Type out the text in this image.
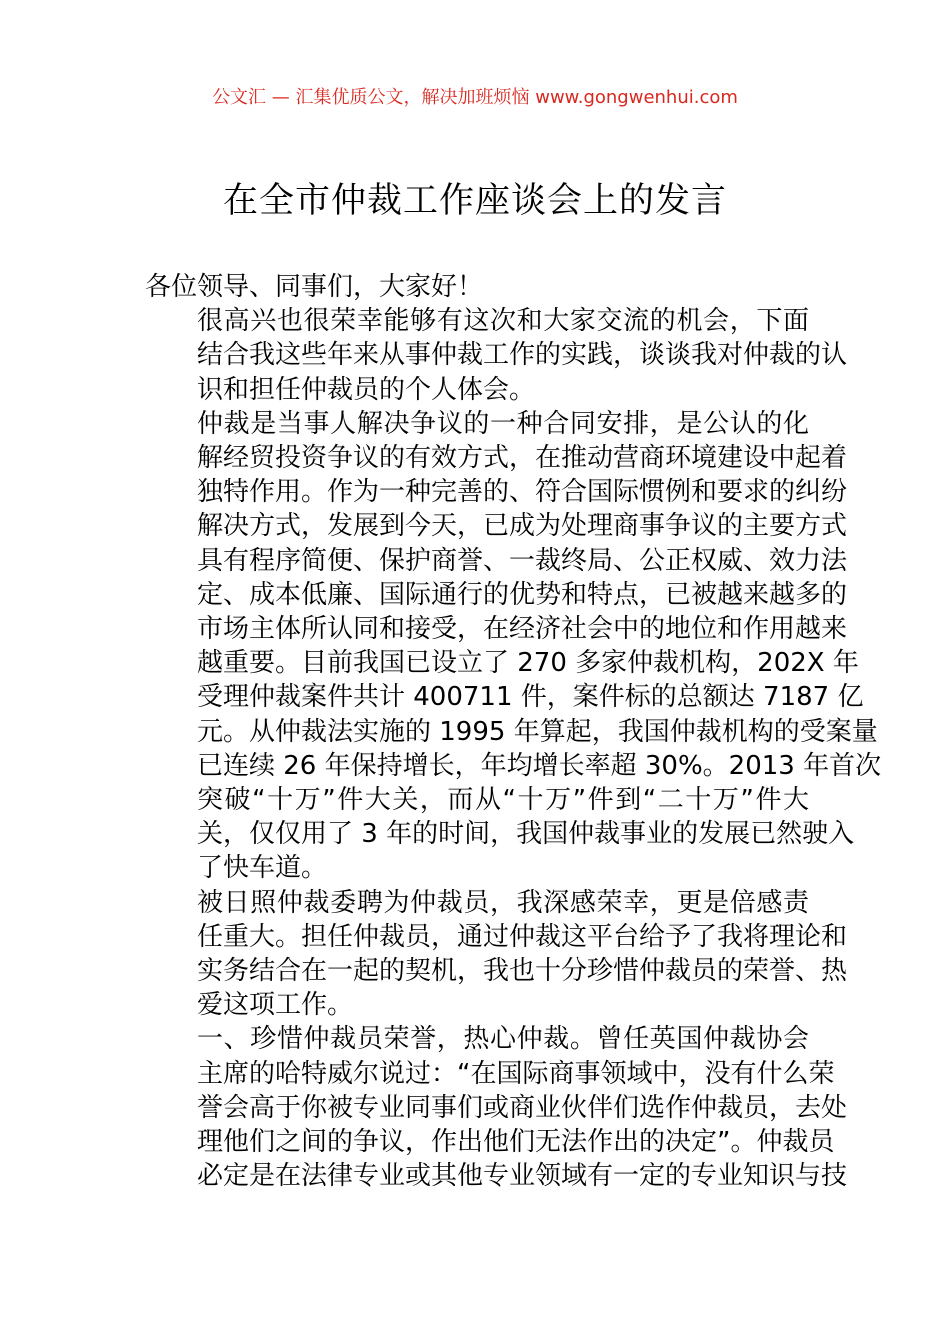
公文汇 — 汇集优质公文，解决加班烦恼 www.gongwenhui.com
在全市仲裁工作座谈会上的发言

各位领导、同事们，大家好！

很高兴也很荣幸能够有这次和大家交流的机会，下面
结合我这些年来从事仲裁工作的实践，谈谈我对仲裁的认
识和担任仲裁员的个人体会。

仲裁是当事人解决争议的一种合同安排，是公认的化
解经贸投资争议的有效方式，在推动营商环境建设中起着
独特作用。作为一种完善的、符合国际惯例和要求的纠纷
解决方式，发展到今天，已成为处理商事争议的主要方式
具有程序简便、保护商誉、一裁终局、公正权威、效力法
定、成本低廉、国际通行的优势和特点，已被越来越多的
市场主体所认同和接受，在经济社会中的地位和作用越来
越重要。目前我国已设立了 270 多家仲裁机构，202X 年
受理仲裁案件共计 400711 件，案件标的总额达 7187 亿
元。从仲裁法实施的 1995 年算起，我国仲裁机构的受案量
已连续 26 年保持增长，年均增长率超 30%。2013 年首次
突破“十万”件大关，而从“十万”件到“二十万”件大
关，仅仅用了 3 年的时间，我国仲裁事业的发展已然驶入
了快车道。

被日照仲裁委聘为仲裁员，我深感荣幸，更是倍感责
任重大。担任仲裁员，通过仲裁这平台给予了我将理论和
实务结合在一起的契机，我也十分珍惜仲裁员的荣誉、热
爱这项工作。

一、珍惜仲裁员荣誉，热心仲裁。曾任英国仲裁协会
主席的哈特威尔说过：“在国际商事领域中，没有什么荣
誉会高于你被专业同事们或商业伙伴们选作仲裁员，去处
理他们之间的争议，作出他们无法作出的决定”。仲裁员
必定是在法律专业或其他专业领域有一定的专业知识与技
